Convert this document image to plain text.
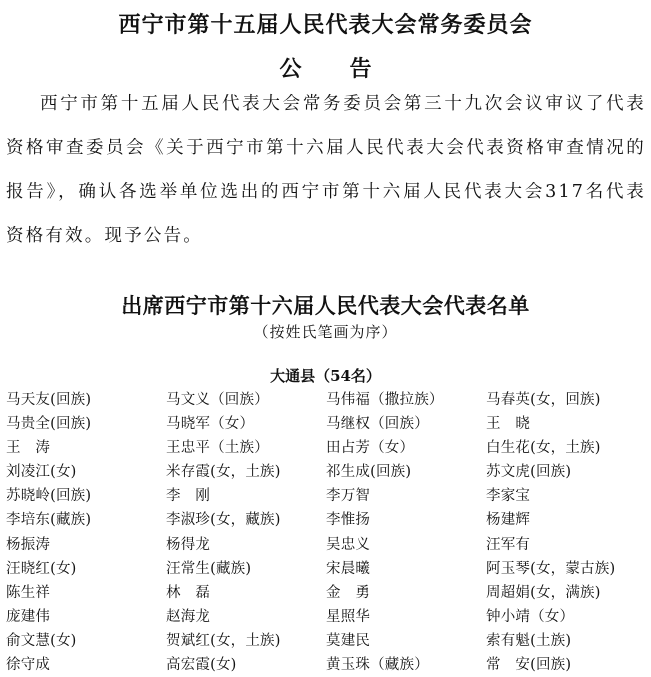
西宁市第十五届人民代表大会常务委员会
公 告
西宁市第十五届人民代表大会常务委员会第三十九次会议审议了代表资格审查委员会《关于西宁市第十六届人民代表大会代表资格审查情况的报告》，确认各选举单位选出的西宁市第十六届人民代表大会317名代表资格有效。现予公告。
出席西宁市第十六届人民代表大会代表名单
（按姓氏笔画为序）
大通县（54名）
马天友(回族)	马文义（回族）	马伟福（撒拉族）	马春英(女，回族)
马贵全(回族)	马晓军（女）	马继权（回族）	王　晓
王　涛	王忠平（土族）	田占芳（女）	白生花(女，土族)
刘凌江(女)	米存霞(女，土族)	祁生成(回族)	苏文虎(回族)
苏晓岭(回族)	李　刚	李万智	李家宝
李培东(藏族)	李淑珍(女，藏族)	李惟扬	杨建辉
杨振涛	杨得龙	吴忠义	汪军有
汪晓红(女)	汪常生(藏族)	宋晨曦	阿玉琴(女，蒙古族)
陈生祥	林　磊	金　勇	周超娟(女，满族)
庞建伟	赵海龙	星照华	钟小靖（女）
俞文慧(女)	贺斌红(女，土族)	莫建民	索有魁(土族)
徐守成	高宏霞(女)	黄玉珠（藏族）	常　安(回族)
